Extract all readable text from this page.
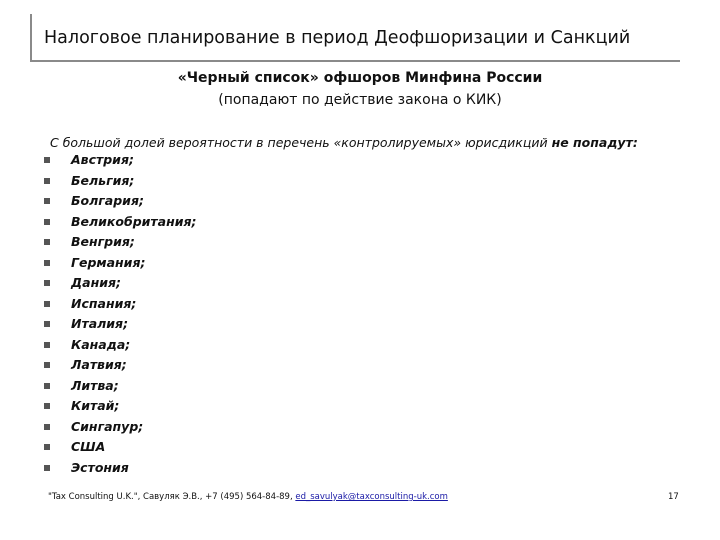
Налоговое планирование в период Деофшоризации и Санкций
«Черный список» офшоров Минфина России
(попадают по действие закона о КИК)
С большой долей вероятности в перечень «контролируемых» юрисдикций не попадут:
Австрия;
Бельгия;
Болгария;
Великобритания;
Венгрия;
Германия;
Дания;
Испания;
Италия;
Канада;
Латвия;
Литва;
Китай;
Сингапур;
США
Эстония
"Tax Consulting U.K.", Савуляк Э.В., +7 (495) 564-84-89, ed_savulyak@taxconsulting-uk.com	17
